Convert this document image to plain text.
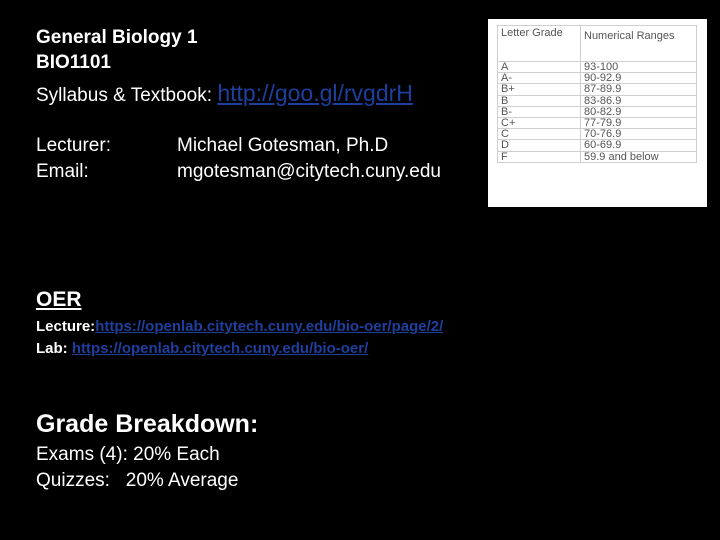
General Biology 1
BIO1101
Syllabus & Textbook: http://goo.gl/rvgdrH
Lecturer:	Michael Gotesman, Ph.D
Email:	mgotesman@citytech.cuny.edu
Letter Grade	Numerical Ranges
A	93-100
A-	90-92.9
B+	87-89.9
B	83-86.9
B-	80-82.9
C+	77-79.9
C	70-76.9
D	60-69.9
F	59.9 and below
OER
Lecture:https://openlab.citytech.cuny.edu/bio-oer/page/2/
Lab: https://openlab.citytech.cuny.edu/bio-oer/
Grade Breakdown:
Exams (4): 20% Each
Quizzes:   20% Average
